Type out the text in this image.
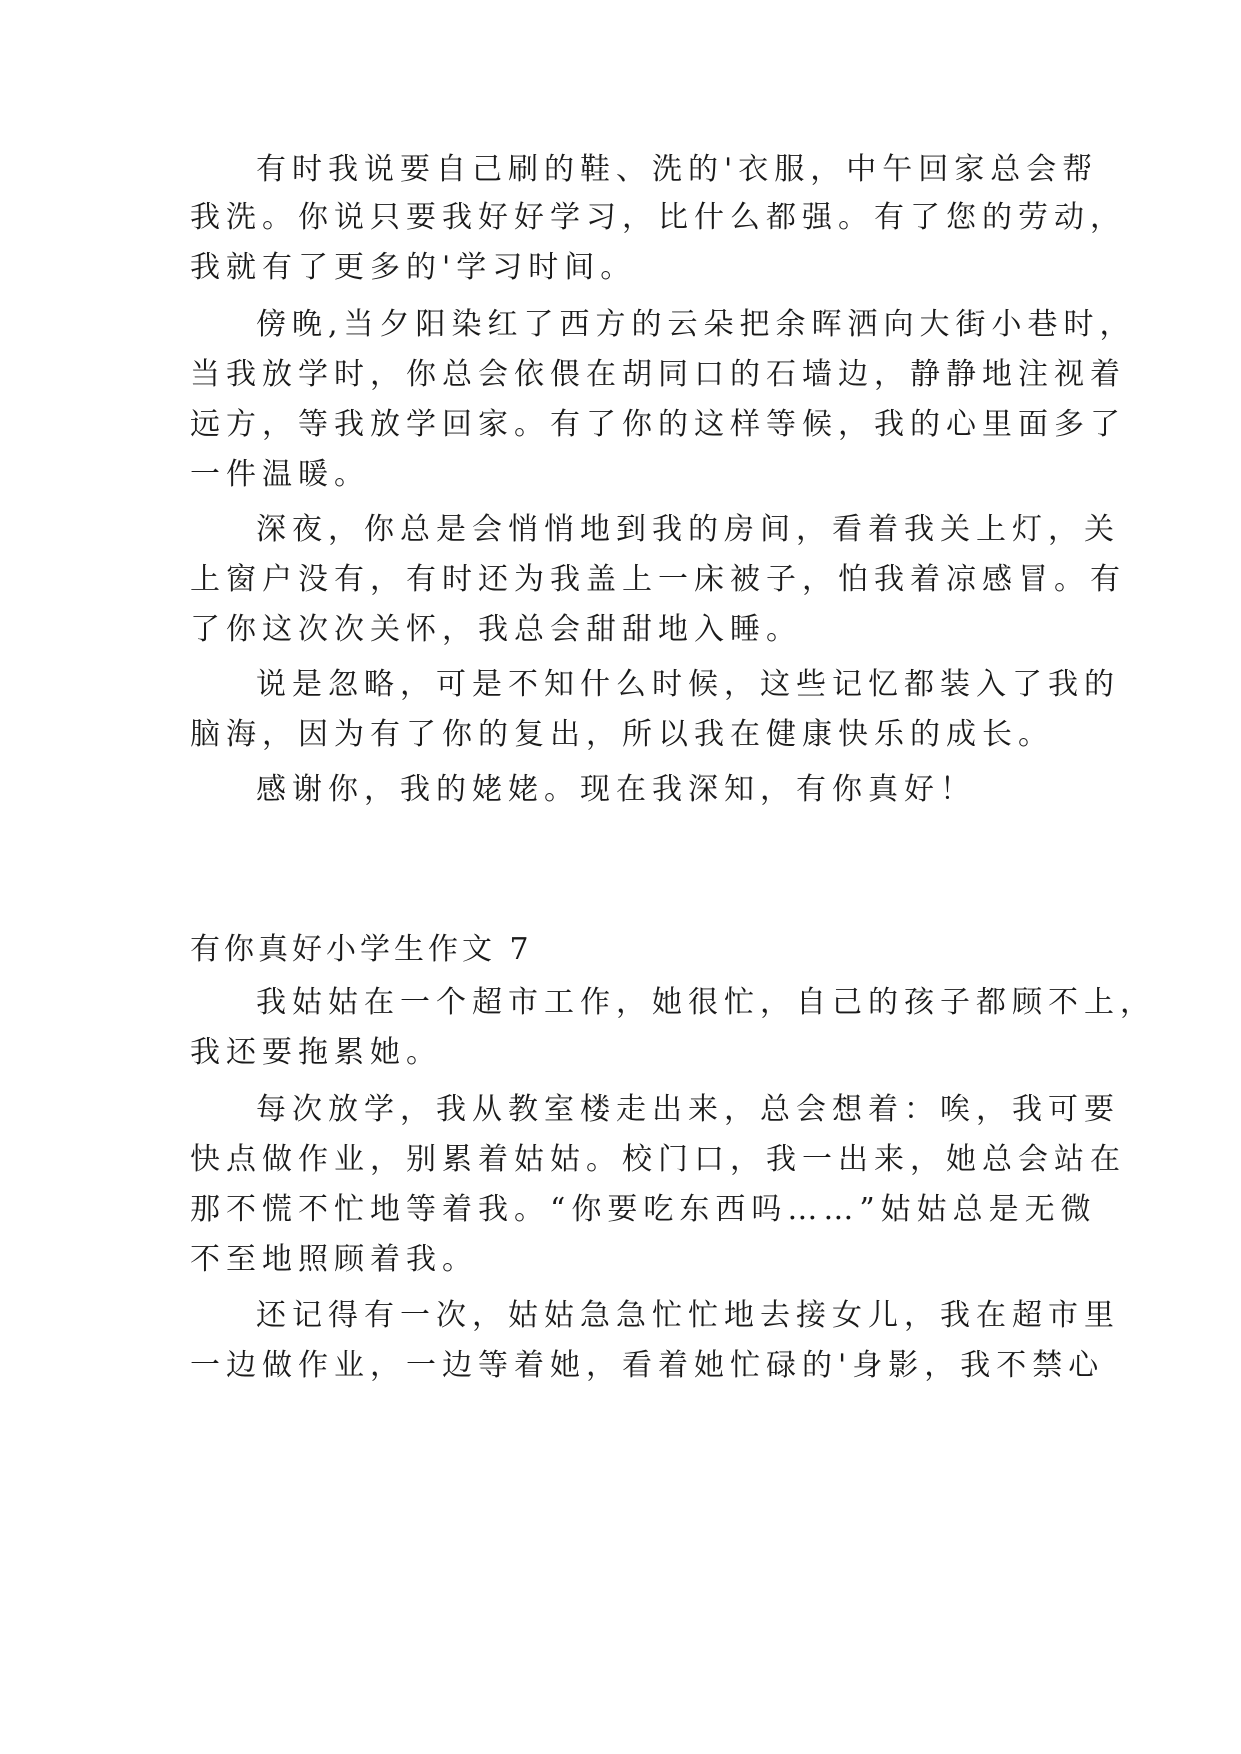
有时我说要自己刷的鞋、洗的'衣服，中午回家总会帮
我洗。你说只要我好好学习，比什么都强。有了您的劳动，
我就有了更多的'学习时间。
傍晚,当夕阳染红了西方的云朵把余晖洒向大街小巷时，
当我放学时，你总会依偎在胡同口的石墙边，静静地注视着
远方，等我放学回家。有了你的这样等候，我的心里面多了
一件温暖。
深夜，你总是会悄悄地到我的房间，看着我关上灯，关
上窗户没有，有时还为我盖上一床被子，怕我着凉感冒。有
了你这次次关怀，我总会甜甜地入睡。
说是忽略，可是不知什么时候，这些记忆都装入了我的
脑海，因为有了你的复出，所以我在健康快乐的成长。
感谢你，我的姥姥。现在我深知，有你真好！
有你真好小学生作文 7
我姑姑在一个超市工作，她很忙，自己的孩子都顾不上，
我还要拖累她。
每次放学，我从教室楼走出来，总会想着：唉，我可要
快点做作业，别累着姑姑。校门口，我一出来，她总会站在
那不慌不忙地等着我。“你要吃东西吗……”姑姑总是无微
不至地照顾着我。
还记得有一次，姑姑急急忙忙地去接女儿，我在超市里
一边做作业，一边等着她，看着她忙碌的'身影，我不禁心
